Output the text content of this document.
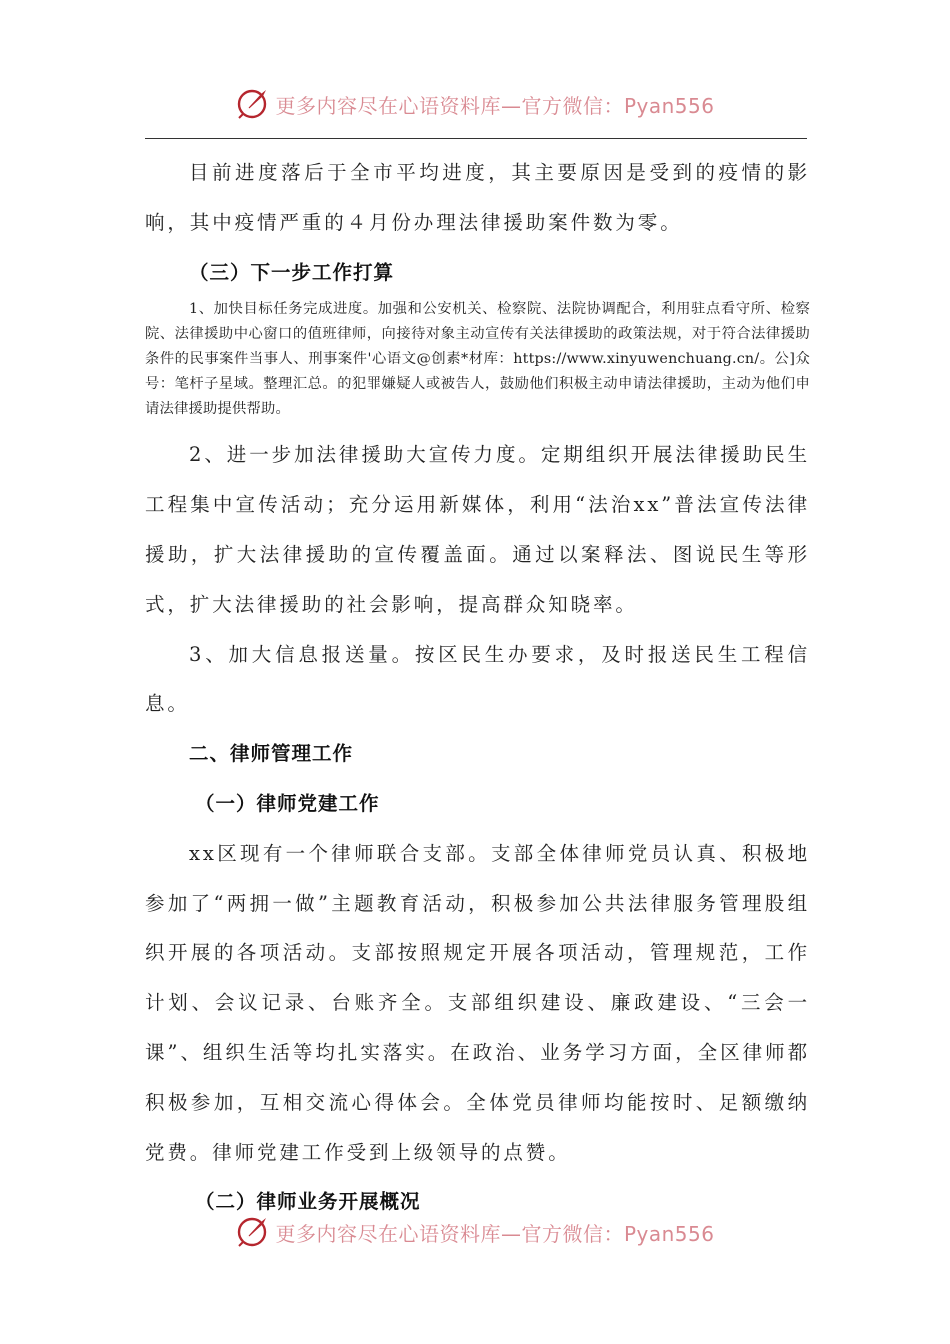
更多内容尽在心语资料库—官方微信：Pyan556

目前进度落后于全市平均进度，其主要原因是受到的疫情的影响，其中疫情严重的４月份办理法律援助案件数为零。

（三）下一步工作打算

1、加快目标任务完成进度。加强和公安机关、检察院、法院协调配合，利用驻点看守所、检察院、法律援助中心窗口的值班律师，向接待对象主动宣传有关法律援助的政策法规，对于符合法律援助条件的民事案件当事人、刑事案件'心语文@创素*材库：https://www.xinyuwenchuang.cn/。公]众号：笔杆子星域。整理汇总。的犯罪嫌疑人或被告人，鼓励他们积极主动申请法律援助，主动为他们申请法律援助提供帮助。

2、进一步加法律援助大宣传力度。定期组织开展法律援助民生工程集中宣传活动；充分运用新媒体，利用“法治xx”普法宣传法律援助，扩大法律援助的宣传覆盖面。通过以案释法、图说民生等形式，扩大法律援助的社会影响，提高群众知晓率。

3、加大信息报送量。按区民生办要求，及时报送民生工程信息。

二、律师管理工作

（一）律师党建工作

xx区现有一个律师联合支部。支部全体律师党员认真、积极地参加了“两拥一做”主题教育活动，积极参加公共法律服务管理股组织开展的各项活动。支部按照规定开展各项活动，管理规范，工作计划、会议记录、台账齐全。支部组织建设、廉政建设、“三会一课”、组织生活等均扎实落实。在政治、业务学习方面，全区律师都积极参加，互相交流心得体会。全体党员律师均能按时、足额缴纳党费。律师党建工作受到上级领导的点赞。

（二）律师业务开展概况

更多内容尽在心语资料库—官方微信：Pyan556
